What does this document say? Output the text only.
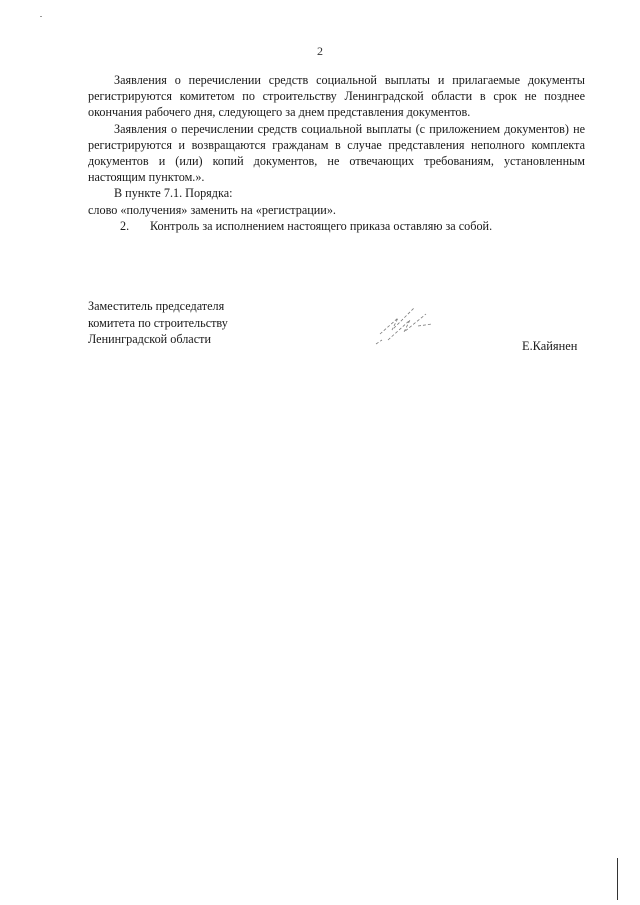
2

Заявления о перечислении средств социальной выплаты и прилагаемые документы регистрируются комитетом по строительству Ленинградской области в срок не позднее окончания рабочего дня, следующего за днем представления документов.

Заявления о перечислении средств социальной выплаты (с приложением документов) не регистрируются и возвращаются гражданам в случае представления неполного комплекта документов и (или) копий документов, не отвечающих требованиям, установленным настоящим пунктом.».

В пункте 7.1. Порядка:

слово «получения» заменить на «регистрации».

2.	Контроль за исполнением настоящего приказа оставляю за собой.

Заместитель председателя

комитета по строительству

Ленинградской области	Е.Кайянен
